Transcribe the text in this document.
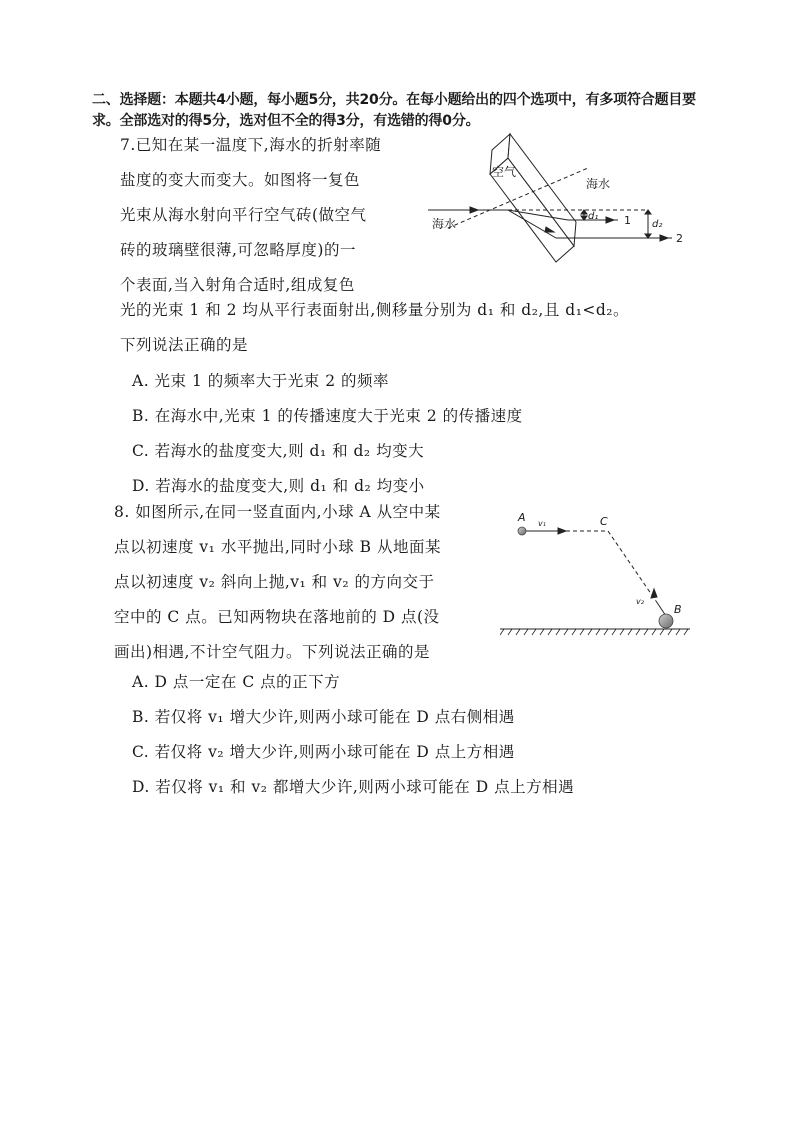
二、选择题：本题共4小题，每小题5分，共20分。在每小题给出的四个选项中，有多项符合题目要求。全部选对的得5分，选对但不全的得3分，有选错的得0分。
7.已知在某一温度下,海水的折射率随
盐度的变大而变大。如图将一复色
光束从海水射向平行空气砖(做空气
砖的玻璃壁很薄,可忽略厚度)的一
个表面,当入射角合适时,组成复色
光的光束 1 和 2 均从平行表面射出,侧移量分别为 d₁ 和 d₂,且 d₁<d₂。
下列说法正确的是
A. 光束 1 的频率大于光束 2 的频率
B. 在海水中,光束 1 的传播速度大于光束 2 的传播速度
C. 若海水的盐度变大,则 d₁ 和 d₂ 均变大
D. 若海水的盐度变大,则 d₁ 和 d₂ 均变小
空气
海水
海水
d₁
d₂
1
2
8. 如图所示,在同一竖直面内,小球 A 从空中某
点以初速度 v₁ 水平抛出,同时小球 B 从地面某
点以初速度 v₂ 斜向上抛,v₁ 和 v₂ 的方向交于
空中的 C 点。已知两物块在落地前的 D 点(没
画出)相遇,不计空气阻力。下列说法正确的是
A. D 点一定在 C 点的正下方
B. 若仅将 v₁ 增大少许,则两小球可能在 D 点右侧相遇
C. 若仅将 v₂ 增大少许,则两小球可能在 D 点上方相遇
D. 若仅将 v₁ 和 v₂ 都增大少许,则两小球可能在 D 点上方相遇
A	C
v₁
v₂
B
